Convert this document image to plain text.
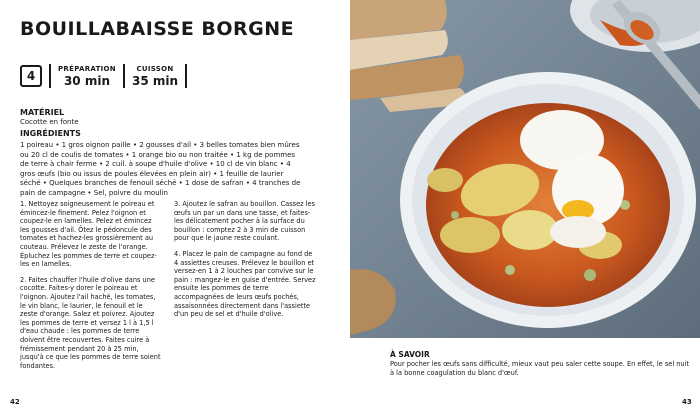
BOUILLABAISSE BORGNE
4
PRÉPARATION
30 min
CUISSON
35 min
MATÉRIEL

Cocotte en fonte

INGRÉDIENTS

1 poireau • 1 gros oignon paille • 2 gousses d'ail • 3 belles tomates bien mûres ou 20 cl de coulis de tomates • 1 orange bio ou non traitée • 1 kg de pommes de terre à chair ferme • 2 cuil. à soupe d'huile d'olive • 10 cl de vin blanc • 4 gros œufs (bio ou issus de poules élevées en plein air) • 1 feuille de laurier séché • Quelques branches de fenouil séché • 1 dose de safran • 4 tranches de pain de campagne • Sel, poivre du moulin

1. Nettoyez soigneusement le poireau et émincez-le finement. Pelez l'oignon et coupez-le en lamelles. Pelez et émincez les gousses d'ail. Ôtez le pédoncule des tomates et hachez-les grossièrement au couteau. Prélevez le zeste de l'orange. Épluchez les pommes de terre et coupez-les en lamelles.

2. Faites chauffer l'huile d'olive dans une cocotte. Faites-y dorer le poireau et l'oignon. Ajoutez l'ail haché, les tomates, le vin blanc, le laurier, le fenouil et le zeste d'orange. Salez et poivrez. Ajoutez les pommes de terre et versez 1 l à 1,5 l d'eau chaude : les pommes de terre doivent être recouvertes. Faites cuire à frémissement pendant 20 à 25 min, jusqu'à ce que les pommes de terre soient fondantes.

3. Ajoutez le safran au bouillon. Cassez les œufs un par un dans une tasse, et faites-les délicatement pocher à la surface du bouillon : comptez 2 à 3 min de cuisson pour que le jaune reste coulant.

4. Placez le pain de campagne au fond de 4 assiettes creuses. Prélevez le bouillon et versez-en 1 à 2 louches par convive sur le pain : mangez-le en guise d'entrée. Servez ensuite les pommes de terre accompagnées de leurs œufs pochés, assaisonnées directement dans l'assiette d'un peu de sel et d'huile d'olive.

42
À SAVOIR

Pour pocher les œufs sans difficulté, mieux vaut peu saler cette soupe. En effet, le sel nuit à la bonne coagulation du blanc d'œuf.

43
